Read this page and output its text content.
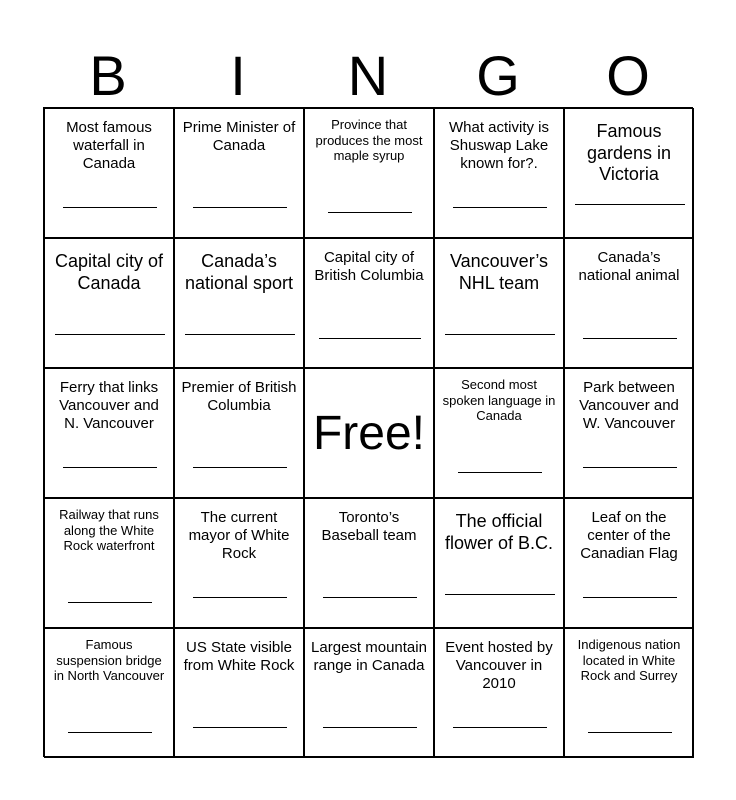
B	I	N	G	O
Most famous waterfall in Canada
Prime Minister of Canada
Province that produces the most maple syrup
What activity is Shuswap Lake known for?.
Famous gardens in Victoria
Capital city of Canada
Canada’s national sport
Capital city of British Columbia
Vancouver’s NHL team
Canada’s national animal
Ferry that links Vancouver and N. Vancouver
Premier of British Columbia
Free!
Second most spoken language in Canada
Park between Vancouver and W. Vancouver
Railway that runs along the White Rock waterfront
The current mayor of White Rock
Toronto’s Baseball team
The official flower of B.C.
Leaf on the center of the Canadian Flag
Famous suspension bridge in North Vancouver
US State visible from White Rock
Largest mountain range in Canada
Event hosted by Vancouver in 2010
Indigenous nation located in White Rock and Surrey
